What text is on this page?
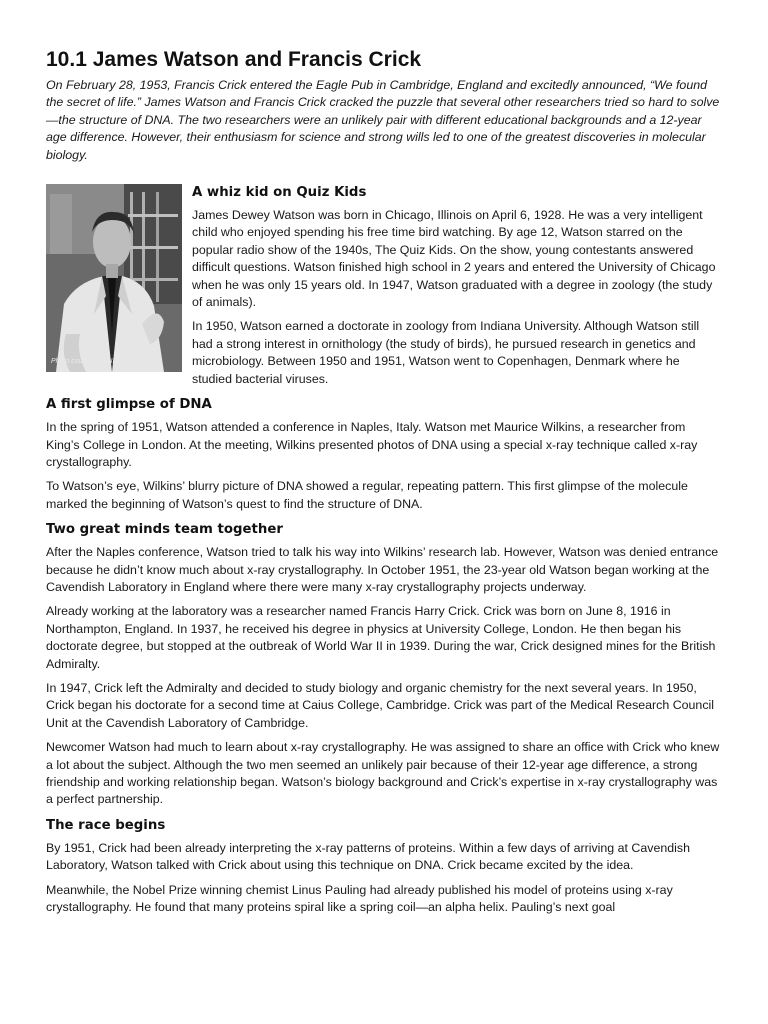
10.1 James Watson and Francis Crick

On February 28, 1953, Francis Crick entered the Eagle Pub in Cambridge, England and excitedly announced, “We found the secret of life.” James Watson and Francis Crick cracked the puzzle that several other researchers tried so hard to solve—the structure of DNA. The two researchers were an unlikely pair with different educational backgrounds and a 12-year age difference. However, their enthusiasm for science and strong wills led to one of the greatest discoveries in molecular biology.

Photo courtesy of NLM.
A whiz kid on Quiz Kids

James Dewey Watson was born in Chicago, Illinois on April 6, 1928. He was a very intelligent child who enjoyed spending his free time bird watching. By age 12, Watson starred on the popular radio show of the 1940s, The Quiz Kids. On the show, young contestants answered difficult questions. Watson finished high school in 2 years and entered the University of Chicago when he was only 15 years old. In 1947, Watson graduated with a degree in zoology (the study of animals).

In 1950, Watson earned a doctorate in zoology from Indiana University. Although Watson still had a strong interest in ornithology (the study of birds), he pursued research in genetics and microbiology. Between 1950 and 1951, Watson went to Copenhagen, Denmark where he studied bacterial viruses.

A first glimpse of DNA

In the spring of 1951, Watson attended a conference in Naples, Italy. Watson met Maurice Wilkins, a researcher from King’s College in London. At the meeting, Wilkins presented photos of DNA using a special x-ray technique called x-ray crystallography.

To Watson’s eye, Wilkins’ blurry picture of DNA showed a regular, repeating pattern. This first glimpse of the molecule marked the beginning of Watson’s quest to find the structure of DNA.

Two great minds team together

After the Naples conference, Watson tried to talk his way into Wilkins’ research lab. However, Watson was denied entrance because he didn’t know much about x-ray crystallography. In October 1951, the 23-year old Watson began working at the Cavendish Laboratory in England where there were many x-ray crystallography projects underway.

Already working at the laboratory was a researcher named Francis Harry Crick. Crick was born on June 8, 1916 in Northampton, England. In 1937, he received his degree in physics at University College, London. He then began his doctorate degree, but stopped at the outbreak of World War II in 1939. During the war, Crick designed mines for the British Admiralty.

In 1947, Crick left the Admiralty and decided to study biology and organic chemistry for the next several years. In 1950, Crick began his doctorate for a second time at Caius College, Cambridge. Crick was part of the Medical Research Council Unit at the Cavendish Laboratory of Cambridge.

Newcomer Watson had much to learn about x-ray crystallography. He was assigned to share an office with Crick who knew a lot about the subject. Although the two men seemed an unlikely pair because of their 12-year age difference, a strong friendship and working relationship began. Watson’s biology background and Crick’s expertise in x-ray crystallography was a perfect partnership.

The race begins

By 1951, Crick had been already interpreting the x-ray patterns of proteins. Within a few days of arriving at Cavendish Laboratory, Watson talked with Crick about using this technique on DNA. Crick became excited by the idea.

Meanwhile, the Nobel Prize winning chemist Linus Pauling had already published his model of proteins using x-ray crystallography. He found that many proteins spiral like a spring coil—an alpha helix. Pauling’s next goal
